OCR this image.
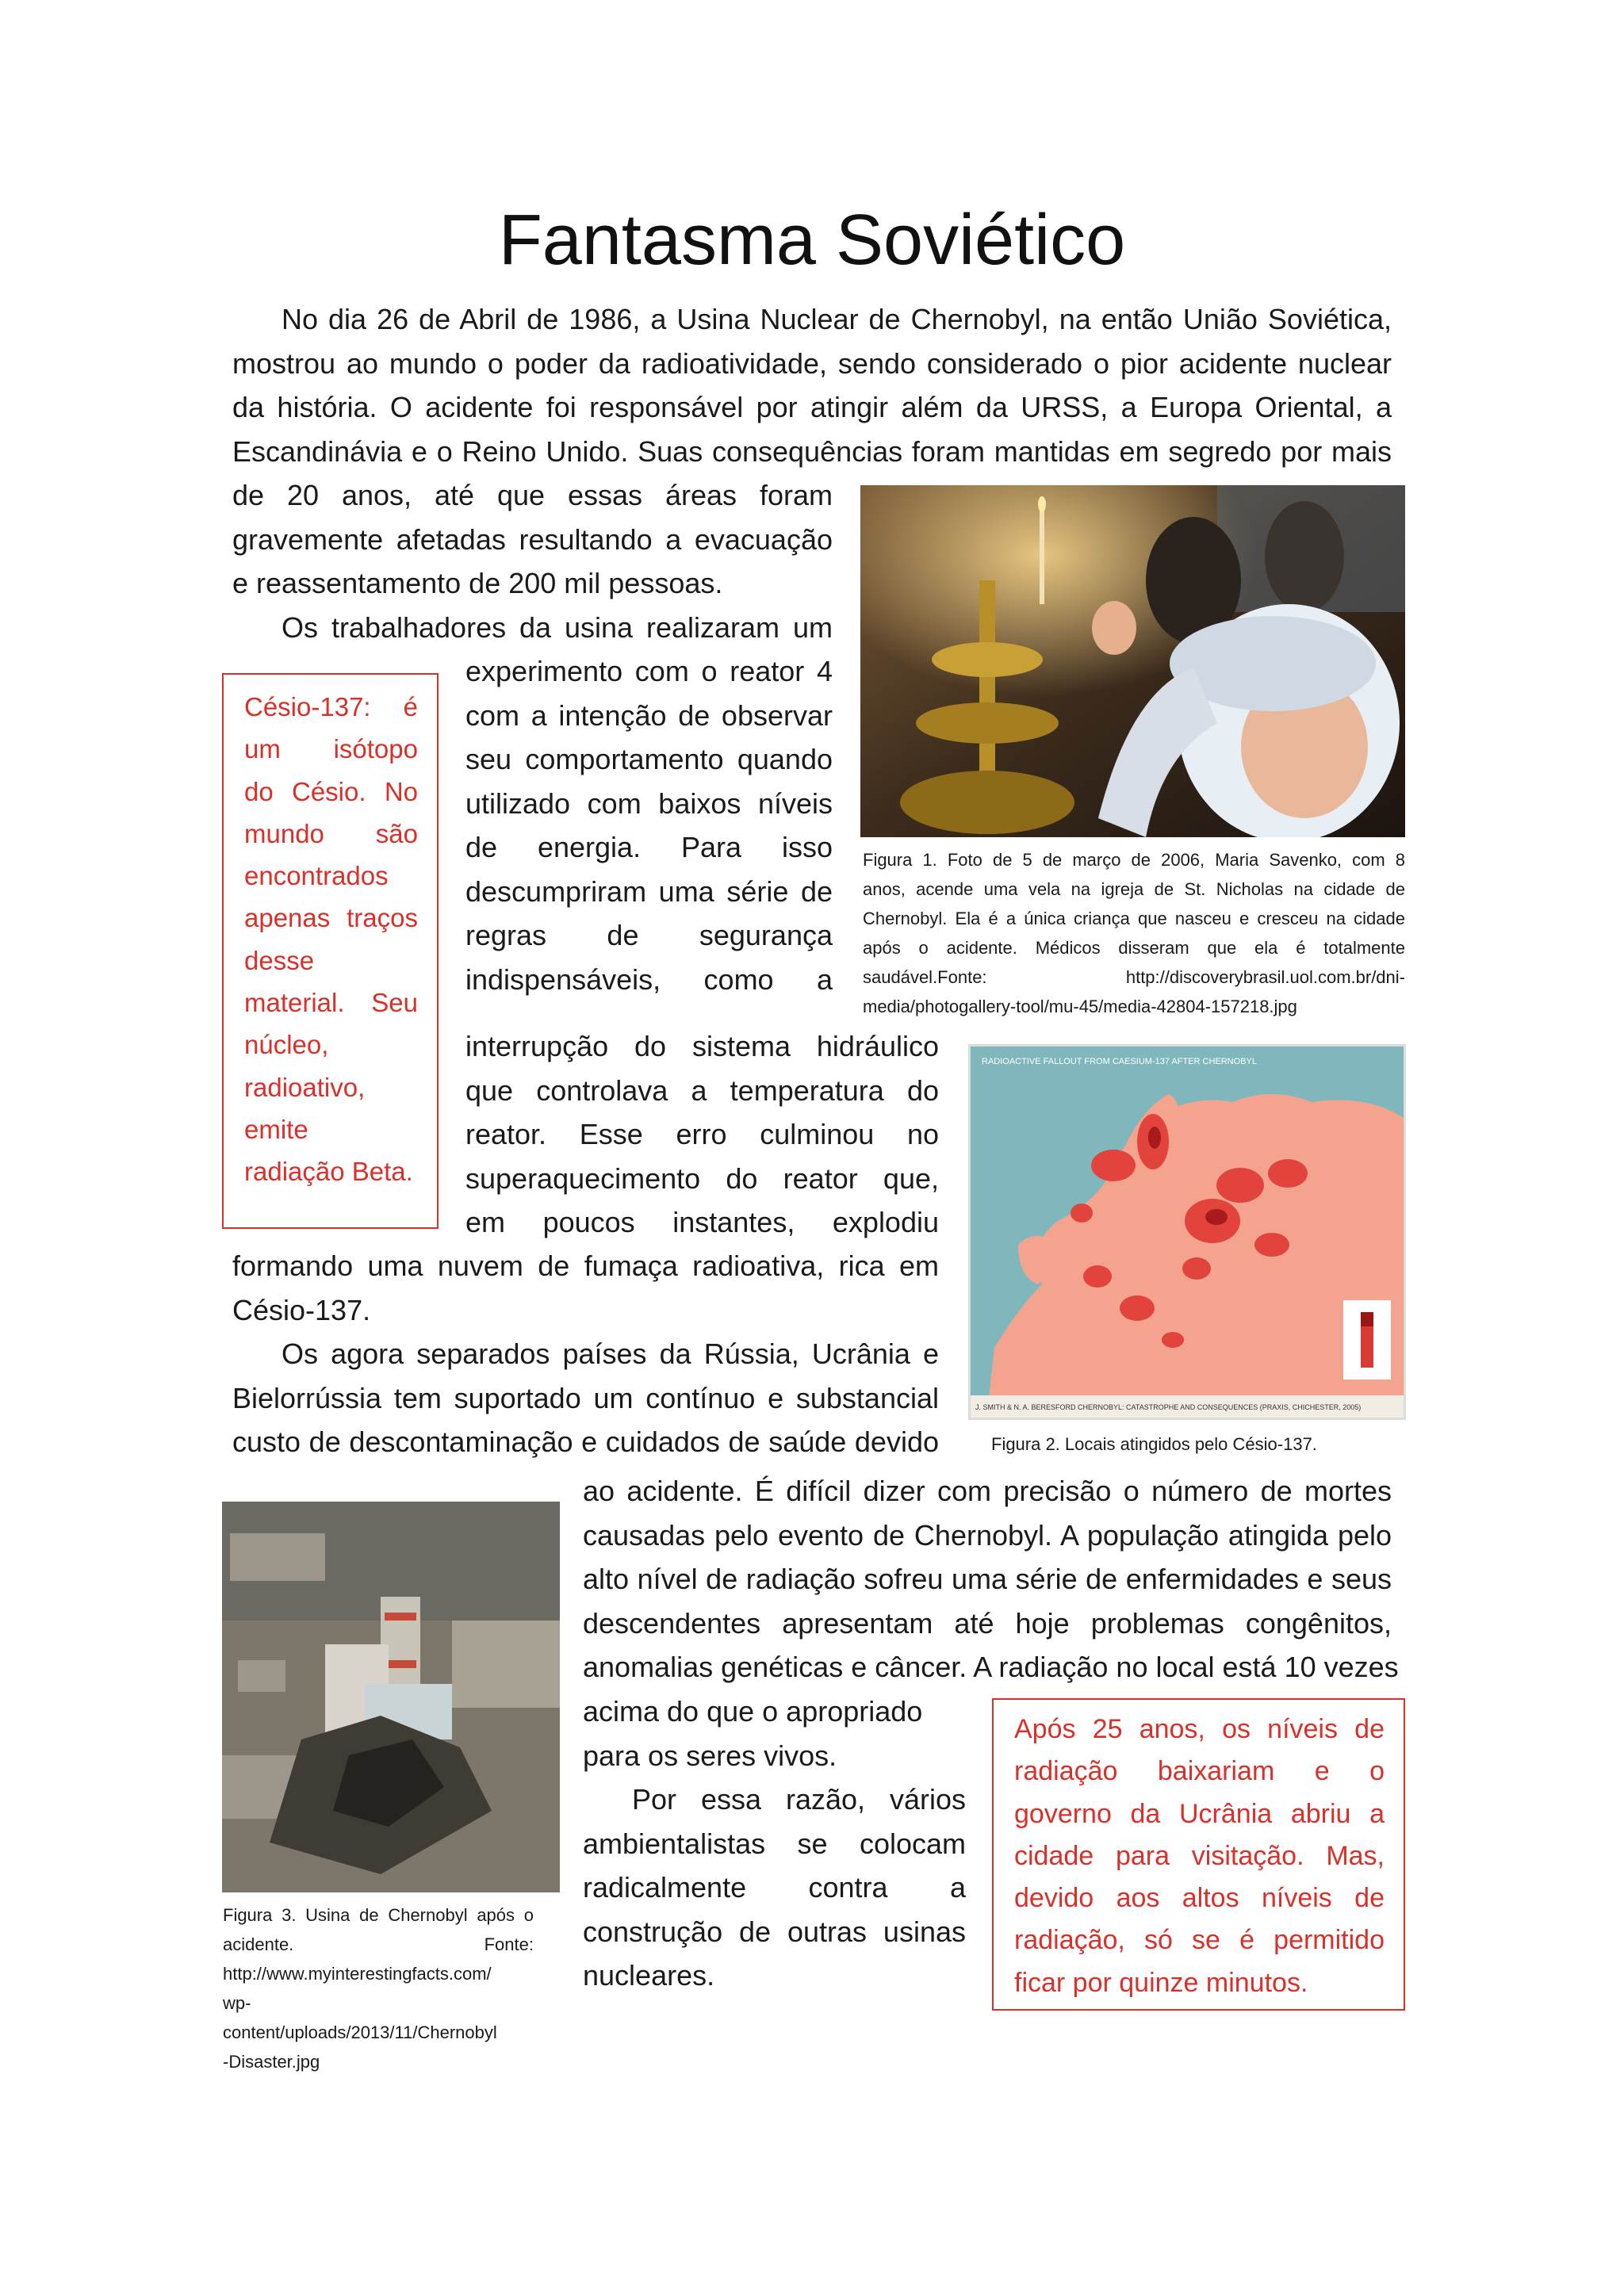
Fantasma Soviético
No dia 26 de Abril de 1986, a Usina Nuclear de Chernobyl, na então União Soviética,
mostrou ao mundo o poder da radioatividade, sendo considerado o pior acidente nuclear
da história. O acidente foi responsável por atingir além da URSS, a Europa Oriental, a
Escandinávia e o Reino Unido. Suas consequências foram mantidas em segredo por mais
de 20 anos, até que essas áreas foram
gravemente afetadas resultando a evacuação
e reassentamento de 200 mil pessoas.
Os trabalhadores da usina realizaram um
experimento com o reator 4
com a intenção de observar
seu comportamento quando
utilizado com baixos níveis
de energia. Para isso
descumpriram uma série de
regras de segurança
indispensáveis, como a
interrupção do sistema hidráulico
que controlava a temperatura do
reator. Esse erro culminou no
superaquecimento do reator que,
em poucos instantes, explodiu
formando uma nuvem de fumaça radioativa, rica em
Césio-137.
Os agora separados países da Rússia, Ucrânia e
Bielorrússia tem suportado um contínuo e substancial
custo de descontaminação e cuidados de saúde devido
ao acidente. É difícil dizer com precisão o número de mortes
causadas pelo evento de Chernobyl. A população atingida pelo
alto nível de radiação sofreu uma série de enfermidades e seus
descendentes apresentam até hoje problemas congênitos,
anomalias genéticas e câncer. A radiação no local está 10 vezes
acima do que o apropriado
para os seres vivos.
Por essa razão, vários
ambientalistas se colocam
radicalmente contra a
construção de outras usinas
nucleares.
Césio-137: é
um isótopo
do Césio. No
mundo são
encontrados
apenas traços
desse
material. Seu
núcleo,
radioativo,
emite
radiação Beta.
Após 25 anos, os níveis de
radiação baixariam e o
governo da Ucrânia abriu a
cidade para visitação. Mas,
devido aos altos níveis de
radiação, só se é permitido
ficar por quinze minutos.
Figura 1. Foto de 5 de março de 2006, Maria Savenko, com 8
anos, acende uma vela na igreja de St. Nicholas na cidade de
Chernobyl. Ela é a única criança que nasceu e cresceu na cidade
após o acidente. Médicos disseram que ela é totalmente
saudável.Fonte: http://discoverybrasil.uol.com.br/dni-
media/photogallery-tool/mu-45/media-42804-157218.jpg
RADIOACTIVE FALLOUT FROM CAESIUM-137 AFTER CHERNOBYL
J. SMITH & N. A. BERESFORD CHERNOBYL: CATASTROPHE AND CONSEQUENCES (PRAXIS, CHICHESTER, 2005)
Figura 2. Locais atingidos pelo Césio-137.
Figura 3. Usina de Chernobyl após o
acidente. Fonte:
http://www.myinterestingfacts.com/
wp-
content/uploads/2013/11/Chernobyl
-Disaster.jpg
